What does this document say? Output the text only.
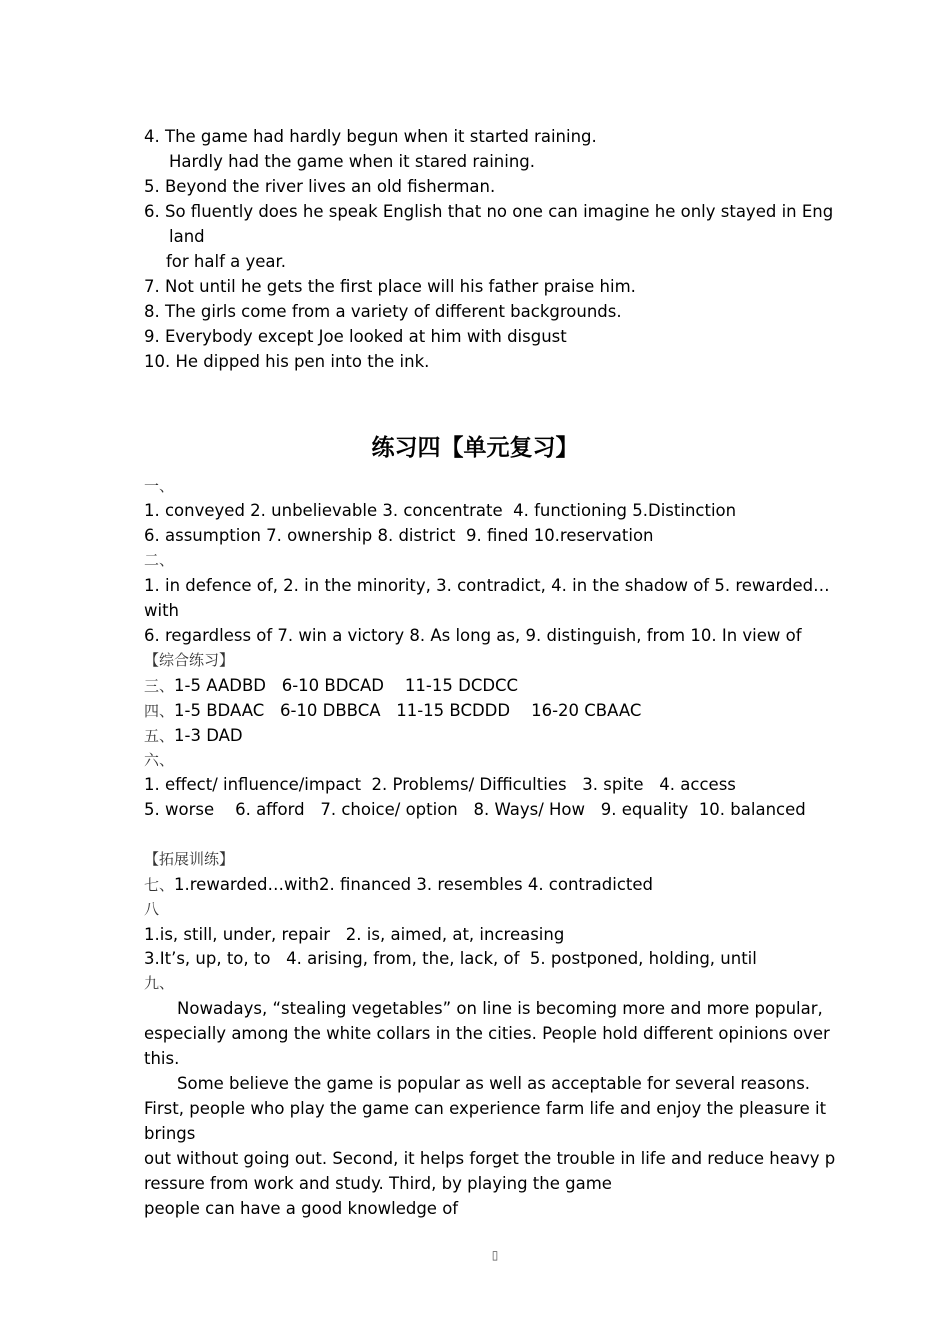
4. The game had hardly begun when it started raining.
Hardly had the game when it stared raining.
5. Beyond the river lives an old fisherman.
6. So fluently does he speak English that no one can imagine he only stayed in Eng
land
for half a year.
7. Not until he gets the first place will his father praise him.
8. The girls come from a variety of different backgrounds.
9. Everybody except Joe looked at him with disgust
10. He dipped his pen into the ink.
练习四【单元复习】
一、
1. conveyed 2. unbelievable 3. concentrate  4. functioning 5.Distinction
6. assumption 7. ownership 8. district  9. fined 10.reservation
二、
1. in defence of, 2. in the minority, 3. contradict, 4. in the shadow of 5. rewarded…
with
6. regardless of 7. win a victory 8. As long as, 9. distinguish, from 10. In view of
【综合练习】
三、1-5 AADBD   6-10 BDCAD    11-15 DCDCC
四、1-5 BDAAC   6-10 DBBCA   11-15 BCDDD    16-20 CBAAC
五、1-3 DAD
六、
1. effect/ influence/impact  2. Problems/ Difficulties   3. spite   4. access
5. worse    6. afford   7. choice/ option   8. Ways/ How   9. equality  10. balanced
【拓展训练】
七、1.rewarded…with2. financed 3. resembles 4. contradicted
八
1.is, still, under, repair   2. is, aimed, at, increasing
3.It’s, up, to, to   4. arising, from, the, lack, of  5. postponed, holding, until
九、
Nowadays, “stealing vegetables” on line is becoming more and more popular,
especially among the white collars in the cities. People hold different opinions over
this.
Some believe the game is popular as well as acceptable for several reasons.
First, people who play the game can experience farm life and enjoy the pleasure it
brings
out without going out. Second, it helps forget the trouble in life and reduce heavy p
ressure from work and study. Third, by playing the game
people can have a good knowledge of
▯
